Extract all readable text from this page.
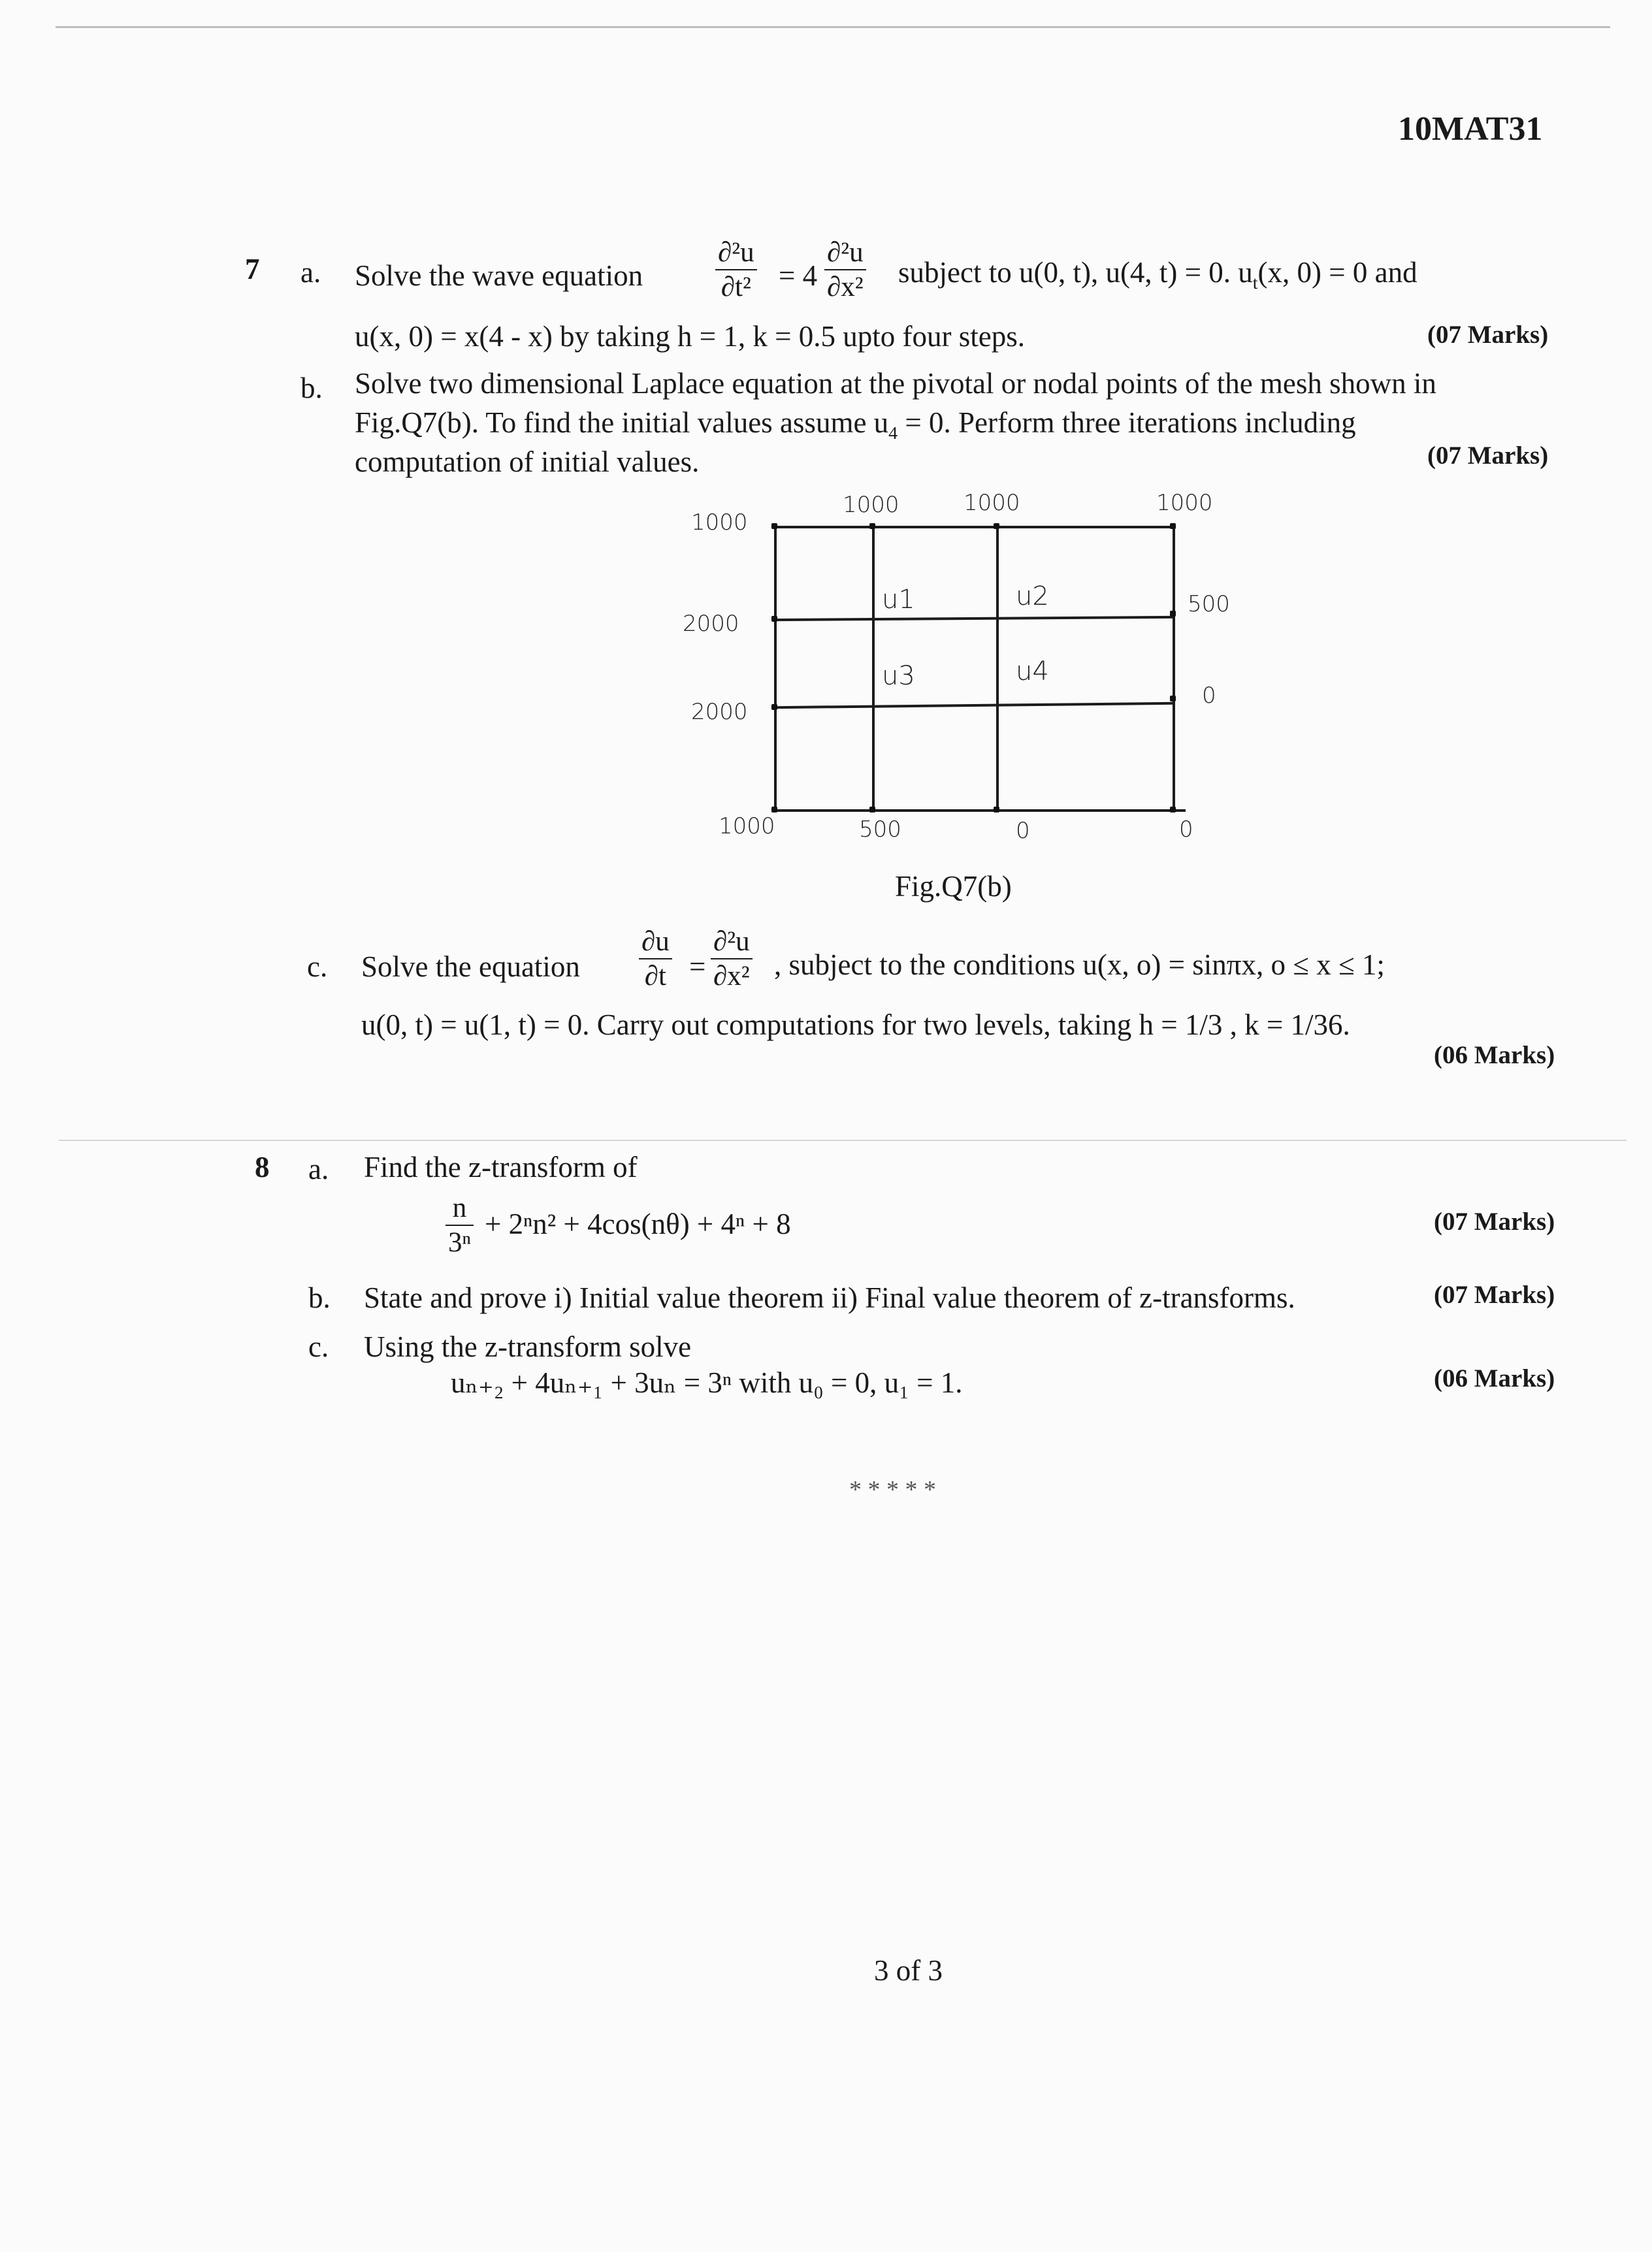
10MAT31
7 a. Solve the wave equation
∂²u
∂t² = 4
∂²u
∂x² subject to u(0, t), u(4, t) = 0. $u_t(x$, 0) = 0 and
u(x, 0) = x(4 - x) by taking h = 1, k = 0.5 upto four steps.	(07 Marks)
b. Solve two dimensional Laplace equation at the pivotal or nodal points of the mesh shown in
Fig.Q7(b). To find the initial values assume $u_4 = 0$. Perform three iterations including
computation of initial values.	(07 Marks)
1000
1000	1000	1000
2000
2000
1000	500	0	0
500
0
u1	u2
u3	u4
Fig.Q7(b)
c. Solve the equation
∂u
∂t =
∂²u
∂x² , subject to the conditions u(x, o) = sinπx, o ≤ x ≤ 1;
u(0, t) = u(1, t) = 0. Carry out computations for two levels, taking h = 1/3 , k = 1/36.
(06 Marks)
8 a. Find the z-transform of
n
3ⁿ
+ 2ⁿn² + 4cos(nθ) + 4ⁿ + 8	(07 Marks)
b. State and prove i) Initial value theorem ii) Final value theorem of z-transforms.	(07 Marks)
c. Using the z-transform solve
uₙ₊₂ + 4uₙ₊₁ + 3uₙ = 3ⁿ with u₀ = 0, u₁ = 1.	(06 Marks)
* * * * *
3 of 3
